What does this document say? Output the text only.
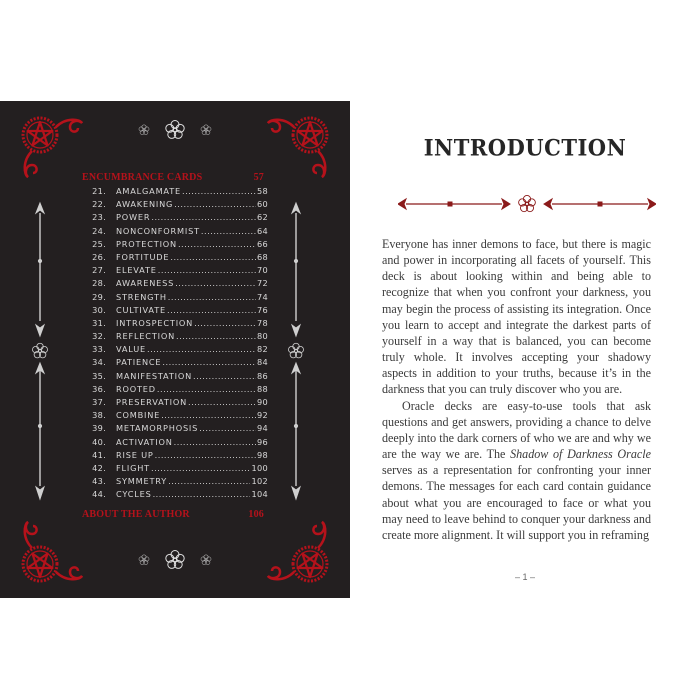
ENCUMBRANCE CARDS	57
21. AMALGAMATE .....	58
22. AWAKENING .....	60
23. POWER .....	62
24. NONCONFORMIST .....	64
25. PROTECTION .....	66
26. FORTITUDE .....	68
27. ELEVATE .....	70
28. AWARENESS .....	72
29. STRENGTH .....	74
30. CULTIVATE .....	76
31. INTROSPECTION .....	78
32. REFLECTION .....	80
33. VALUE .....	82
34. PATIENCE .....	84
35. MANIFESTATION .....	86
36. ROOTED .....	88
37. PRESERVATION .....	90
38. COMBINE .....	92
39. METAMORPHOSIS .....	94
40. ACTIVATION .....	96
41. RISE UP .....	98
42. FLIGHT .....	100
43. SYMMETRY .....	102
44. CYCLES .....	104
ABOUT THE AUTHOR	106
INTRODUCTION

Everyone has inner demons to face, but there is magic and power in incorporating all facets of yourself. This deck is about looking within and being able to recognize that when you confront your darkness, you may begin the process of assisting its integration. Once you learn to accept and integrate the darkest parts of yourself in a way that is balanced, you can become truly whole. It involves accepting your shadowy aspects in addition to your truths, because it’s in the darkness that you can truly discover who you are.

Oracle decks are easy-to-use tools that ask questions and get answers, providing a chance to delve deeply into the dark corners of who we are and why we are the way we are. The Shadow of Darkness Oracle serves as a representation for confronting your inner demons. The messages for each card contain guidance about what you are encouraged to face or what you may need to leave behind to conquer your darkness and create more alignment. It will support you in reframing

– 1 –
